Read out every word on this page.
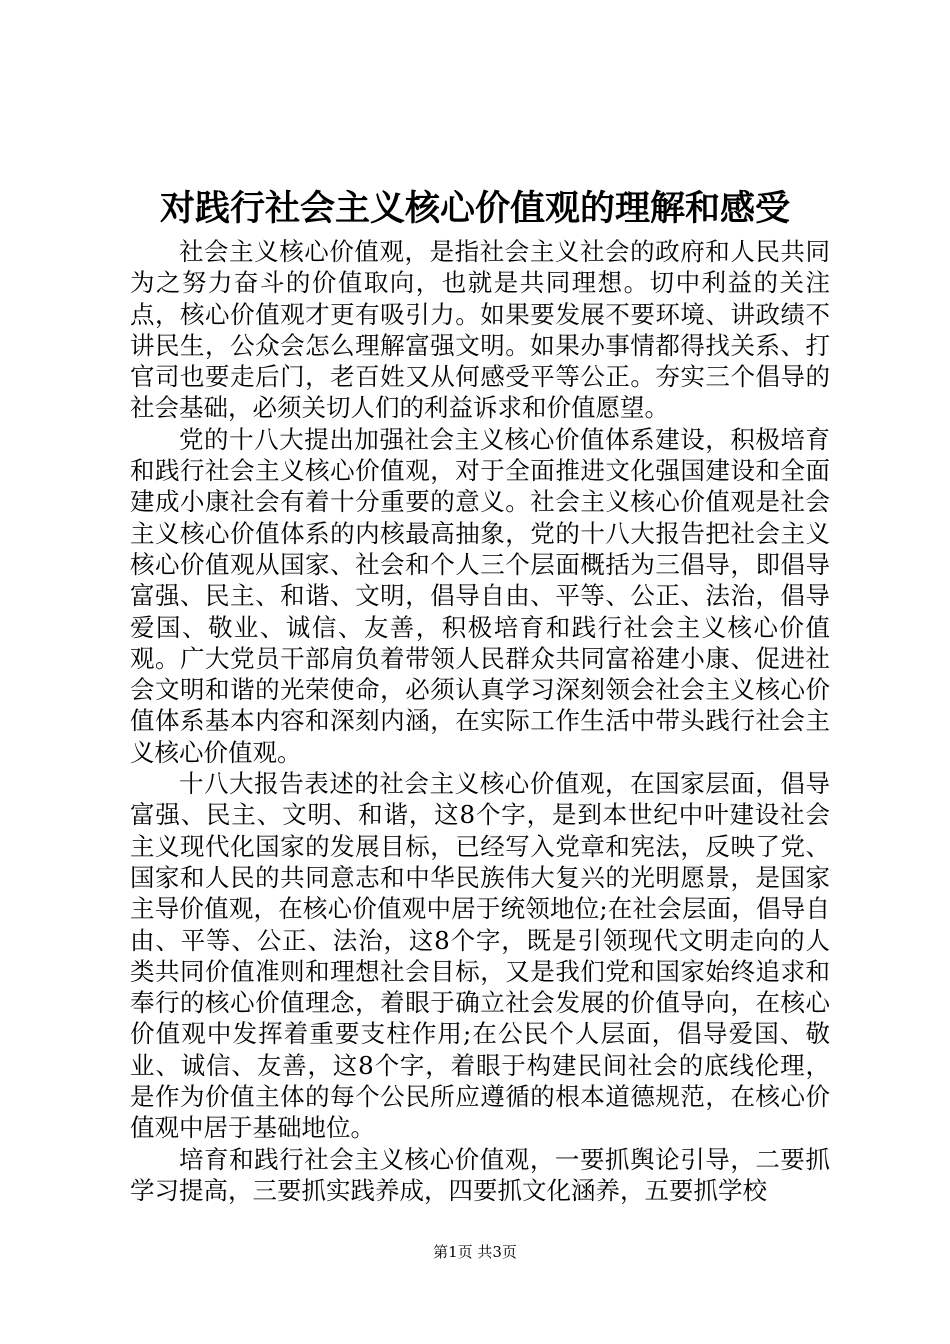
对践行社会主义核心价值观的理解和感受

社会主义核心价值观，是指社会主义社会的政府和人民共同为之努力奋斗的价值取向，也就是共同理想。切中利益的关注点，核心价值观才更有吸引力。如果要发展不要环境、讲政绩不讲民生，公众会怎么理解富强文明。如果办事情都得找关系、打官司也要走后门，老百姓又从何感受平等公正。夯实三个倡导的社会基础，必须关切人们的利益诉求和价值愿望。

党的十八大提出加强社会主义核心价值体系建设，积极培育和践行社会主义核心价值观，对于全面推进文化强国建设和全面建成小康社会有着十分重要的意义。社会主义核心价值观是社会主义核心价值体系的内核最高抽象，党的十八大报告把社会主义核心价值观从国家、社会和个人三个层面概括为三倡导，即倡导富强、民主、和谐、文明，倡导自由、平等、公正、法治，倡导爱国、敬业、诚信、友善，积极培育和践行社会主义核心价值观。广大党员干部肩负着带领人民群众共同富裕建小康、促进社会文明和谐的光荣使命，必须认真学习深刻领会社会主义核心价值体系基本内容和深刻内涵，在实际工作生活中带头践行社会主义核心价值观。

十八大报告表述的社会主义核心价值观，在国家层面，倡导富强、民主、文明、和谐，这8个字，是到本世纪中叶建设社会主义现代化国家的发展目标，已经写入党章和宪法，反映了党、国家和人民的共同意志和中华民族伟大复兴的光明愿景，是国家主导价值观，在核心价值观中居于统领地位;在社会层面，倡导自由、平等、公正、法治，这8个字，既是引领现代文明走向的人类共同价值准则和理想社会目标，又是我们党和国家始终追求和奉行的核心价值理念，着眼于确立社会发展的价值导向，在核心价值观中发挥着重要支柱作用;在公民个人层面，倡导爱国、敬业、诚信、友善，这8个字，着眼于构建民间社会的底线伦理，是作为价值主体的每个公民所应遵循的根本道德规范，在核心价值观中居于基础地位。

培育和践行社会主义核心价值观，一要抓舆论引导，二要抓学习提高，三要抓实践养成，四要抓文化涵养，五要抓学校

第1页 共3页
